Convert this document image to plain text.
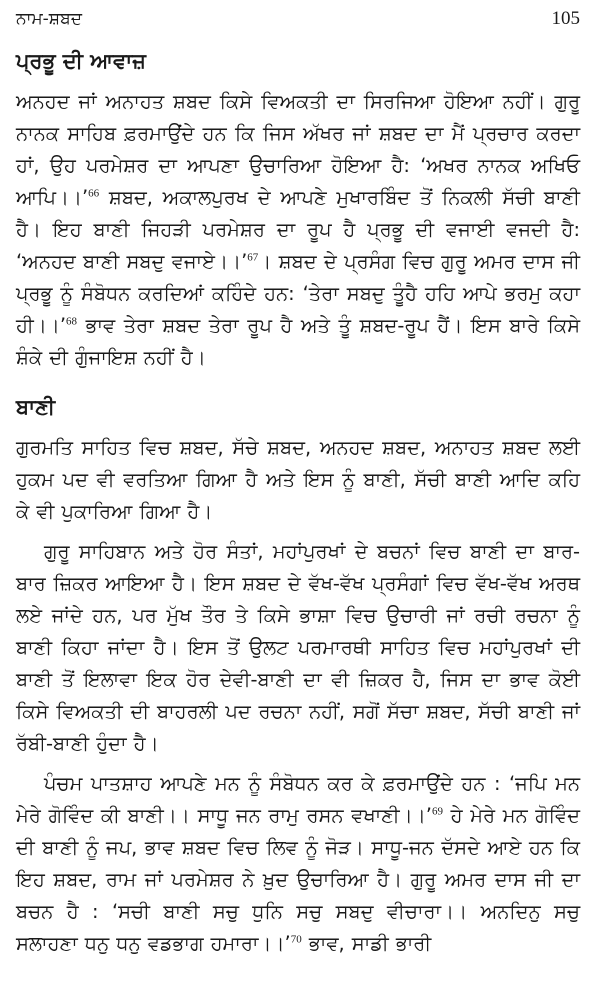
ਨਾਮ-ਸ਼ਬਦ	105
ਪ੍ਰਭੂ ਦੀ ਆਵਾਜ਼

ਅਨਹਦ ਜਾਂ ਅਨਾਹਤ ਸ਼ਬਦ ਕਿਸੇ ਵਿਅਕਤੀ ਦਾ ਸਿਰਜਿਆ ਹੋਇਆ ਨਹੀਂ। ਗੁਰੂ ਨਾਨਕ ਸਾਹਿਬ ਫ਼ਰਮਾਉਂਦੇ ਹਨ ਕਿ ਜਿਸ ਅੱਖਰ ਜਾਂ ਸ਼ਬਦ ਦਾ ਮੈਂ ਪ੍ਰਚਾਰ ਕਰਦਾ ਹਾਂ, ਉਹ ਪਰਮੇਸ਼ਰ ਦਾ ਆਪਣਾ ਉਚਾਰਿਆ ਹੋਇਆ ਹੈ: ‘ਅਖਰ ਨਾਨਕ ਅਖਿਓ ਆਪਿ।।’$^{66}$ ਸ਼ਬਦ, ਅਕਾਲਪੁਰਖ ਦੇ ਆਪਣੇ ਮੁਖਾਰਬਿੰਦ ਤੋਂ ਨਿਕਲੀ ਸੱਚੀ ਬਾਣੀ ਹੈ। ਇਹ ਬਾਣੀ ਜਿਹੜੀ ਪਰਮੇਸ਼ਰ ਦਾ ਰੂਪ ਹੈ ਪ੍ਰਭੂ ਦੀ ਵਜਾਈ ਵਜਦੀ ਹੈ: ‘ਅਨਹਦ ਬਾਣੀ ਸਬਦੁ ਵਜਾਏ।।’$^{67}$। ਸ਼ਬਦ ਦੇ ਪ੍ਰਸੰਗ ਵਿਚ ਗੁਰੂ ਅਮਰ ਦਾਸ ਜੀ ਪ੍ਰਭੂ ਨੂੰ ਸੰਬੋਧਨ ਕਰਦਿਆਂ ਕਹਿੰਦੇ ਹਨ: ‘ਤੇਰਾ ਸਬਦੁ ਤੂੰਹੈ ਹਹਿ ਆਪੇ ਭਰਮੁ ਕਹਾ ਹੀ।।’$^{68}$ ਭਾਵ ਤੇਰਾ ਸ਼ਬਦ ਤੇਰਾ ਰੂਪ ਹੈ ਅਤੇ ਤੂੰ ਸ਼ਬਦ-ਰੂਪ ਹੈਂ। ਇਸ ਬਾਰੇ ਕਿਸੇ ਸ਼ੰਕੇ ਦੀ ਗੁੰਜਾਇਸ਼ ਨਹੀਂ ਹੈ।

ਬਾਣੀ

ਗੁਰਮਤਿ ਸਾਹਿਤ ਵਿਚ ਸ਼ਬਦ, ਸੱਚੇ ਸ਼ਬਦ, ਅਨਹਦ ਸ਼ਬਦ, ਅਨਾਹਤ ਸ਼ਬਦ ਲਈ ਹੁਕਮ ਪਦ ਵੀ ਵਰਤਿਆ ਗਿਆ ਹੈ ਅਤੇ ਇਸ ਨੂੰ ਬਾਣੀ, ਸੱਚੀ ਬਾਣੀ ਆਦਿ ਕਹਿ ਕੇ ਵੀ ਪੁਕਾਰਿਆ ਗਿਆ ਹੈ।

ਗੁਰੂ ਸਾਹਿਬਾਨ ਅਤੇ ਹੋਰ ਸੰਤਾਂ, ਮਹਾਂਪੁਰਖਾਂ ਦੇ ਬਚਨਾਂ ਵਿਚ ਬਾਣੀ ਦਾ ਬਾਰ-ਬਾਰ ਜ਼ਿਕਰ ਆਇਆ ਹੈ। ਇਸ ਸ਼ਬਦ ਦੇ ਵੱਖ-ਵੱਖ ਪ੍ਰਸੰਗਾਂ ਵਿਚ ਵੱਖ-ਵੱਖ ਅਰਥ ਲਏ ਜਾਂਦੇ ਹਨ, ਪਰ ਮੁੱਖ ਤੌਰ ਤੇ ਕਿਸੇ ਭਾਸ਼ਾ ਵਿਚ ਉਚਾਰੀ ਜਾਂ ਰਚੀ ਰਚਨਾ ਨੂੰ ਬਾਣੀ ਕਿਹਾ ਜਾਂਦਾ ਹੈ। ਇਸ ਤੋਂ ਉਲਟ ਪਰਮਾਰਥੀ ਸਾਹਿਤ ਵਿਚ ਮਹਾਂਪੁਰਖਾਂ ਦੀ ਬਾਣੀ ਤੋਂ ਇਲਾਵਾ ਇਕ ਹੋਰ ਦੇਵੀ-ਬਾਣੀ ਦਾ ਵੀ ਜ਼ਿਕਰ ਹੈ, ਜਿਸ ਦਾ ਭਾਵ ਕੋਈ ਕਿਸੇ ਵਿਅਕਤੀ ਦੀ ਬਾਹਰਲੀ ਪਦ ਰਚਨਾ ਨਹੀਂ, ਸਗੋਂ ਸੱਚਾ ਸ਼ਬਦ, ਸੱਚੀ ਬਾਣੀ ਜਾਂ ਰੱਬੀ-ਬਾਣੀ ਹੁੰਦਾ ਹੈ।

ਪੰਚਮ ਪਾਤਸ਼ਾਹ ਆਪਣੇ ਮਨ ਨੂੰ ਸੰਬੋਧਨ ਕਰ ਕੇ ਫ਼ਰਮਾਉਂਦੇ ਹਨ : ‘ਜਪਿ ਮਨ ਮੇਰੇ ਗੋਵਿੰਦ ਕੀ ਬਾਣੀ।। ਸਾਧੂ ਜਨ ਰਾਮੁ ਰਸਨ ਵਖਾਣੀ।।’$^{69}$ ਹੇ ਮੇਰੇ ਮਨ ਗੋਵਿੰਦ ਦੀ ਬਾਣੀ ਨੂੰ ਜਪ, ਭਾਵ ਸ਼ਬਦ ਵਿਚ ਲਿਵ ਨੂੰ ਜੋੜ। ਸਾਧੂ-ਜਨ ਦੱਸਦੇ ਆਏ ਹਨ ਕਿ ਇਹ ਸ਼ਬਦ, ਰਾਮ ਜਾਂ ਪਰਮੇਸ਼ਰ ਨੇ ਖ਼ੁਦ ਉਚਾਰਿਆ ਹੈ। ਗੁਰੂ ਅਮਰ ਦਾਸ ਜੀ ਦਾ ਬਚਨ ਹੈ : ‘ਸਚੀ ਬਾਣੀ ਸਚੁ ਧੁਨਿ ਸਚੁ ਸਬਦੁ ਵੀਚਾਰਾ।। ਅਨਦਿਨੁ ਸਚੁ ਸਲਾਹਣਾ ਧਨੁ ਧਨੁ ਵਡਭਾਗ ਹਮਾਰਾ।।’$^{70}$ ਭਾਵ, ਸਾਡੀ ਭਾਰੀ
